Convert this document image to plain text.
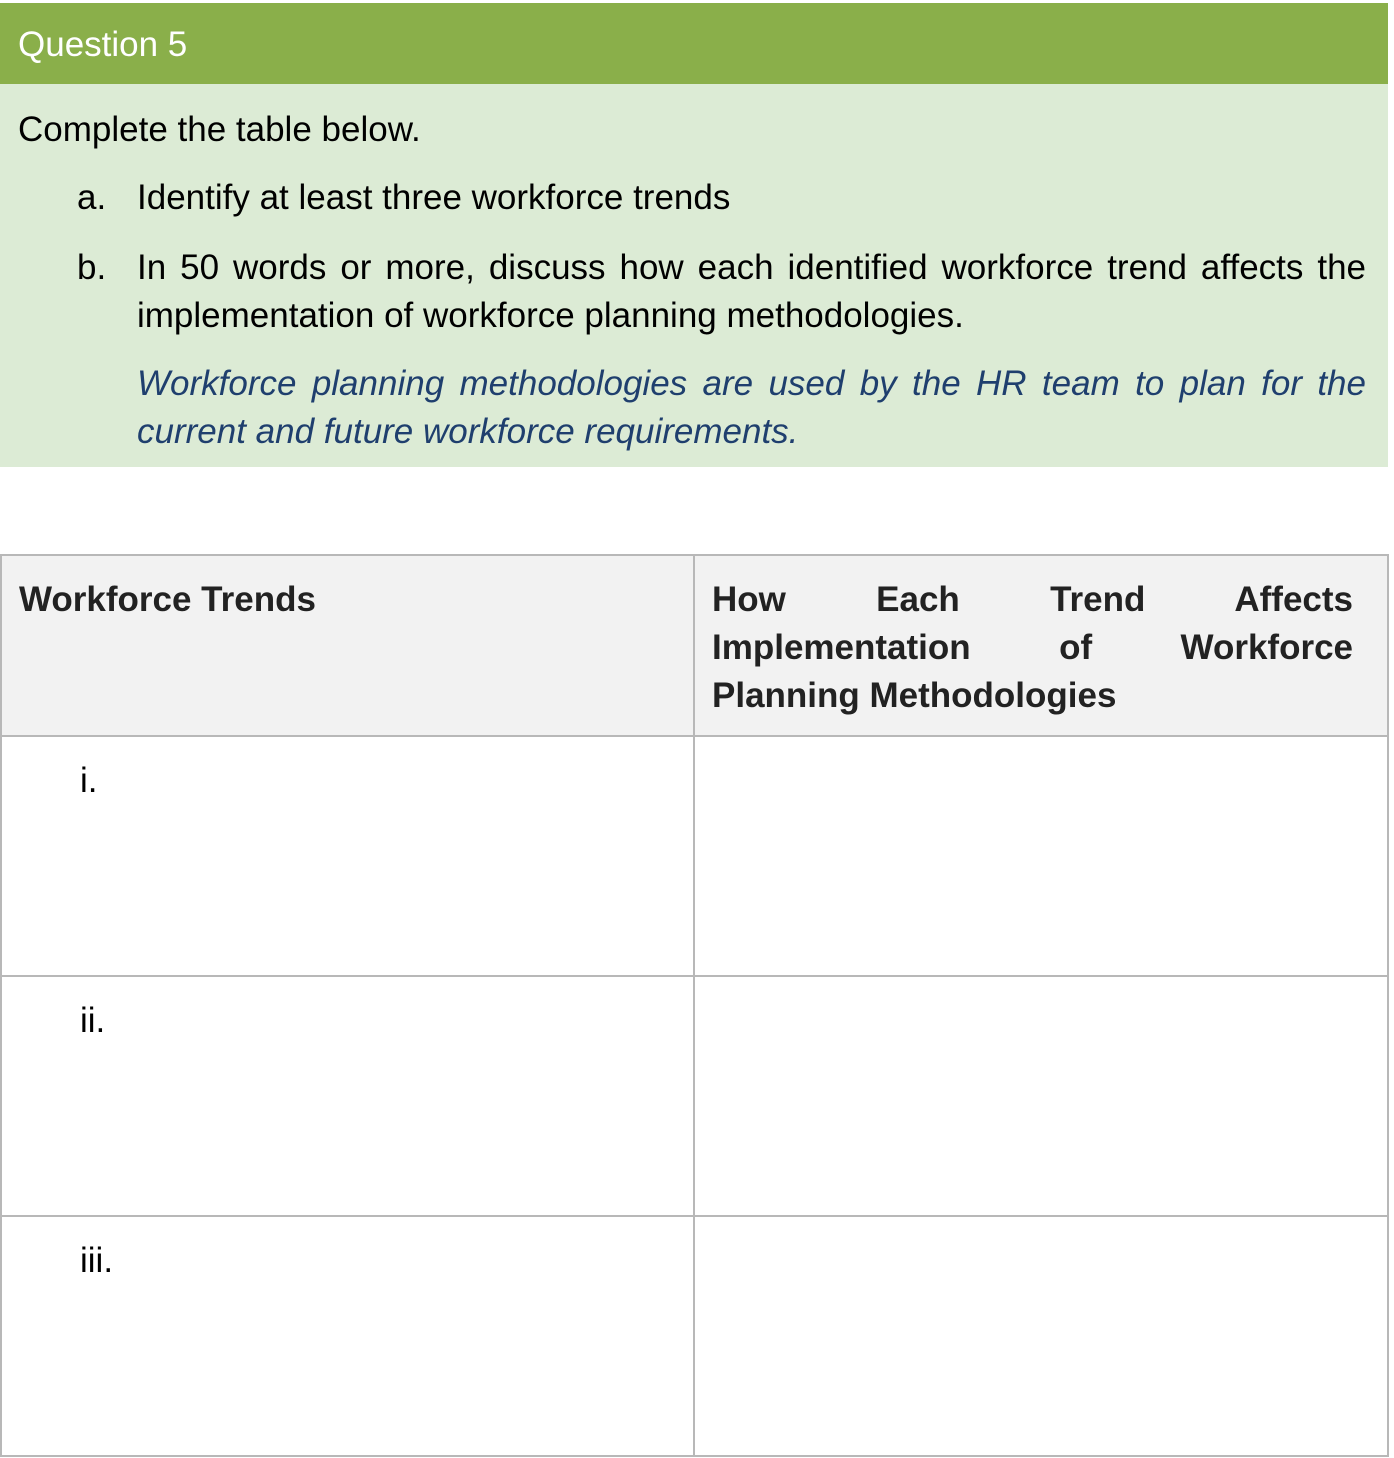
Question 5

Complete the table below.

a. Identify at least three workforce trends
b. In 50 words or more, discuss how each identified workforce trend affects the implementation of workforce planning methodologies.

Workforce planning methodologies are used by the HR team to plan for the current and future workforce requirements.

Workforce Trends	How Each Trend Affects
Implementation of Workforce
Planning Methodologies

i.	
ii.	
iii.	
